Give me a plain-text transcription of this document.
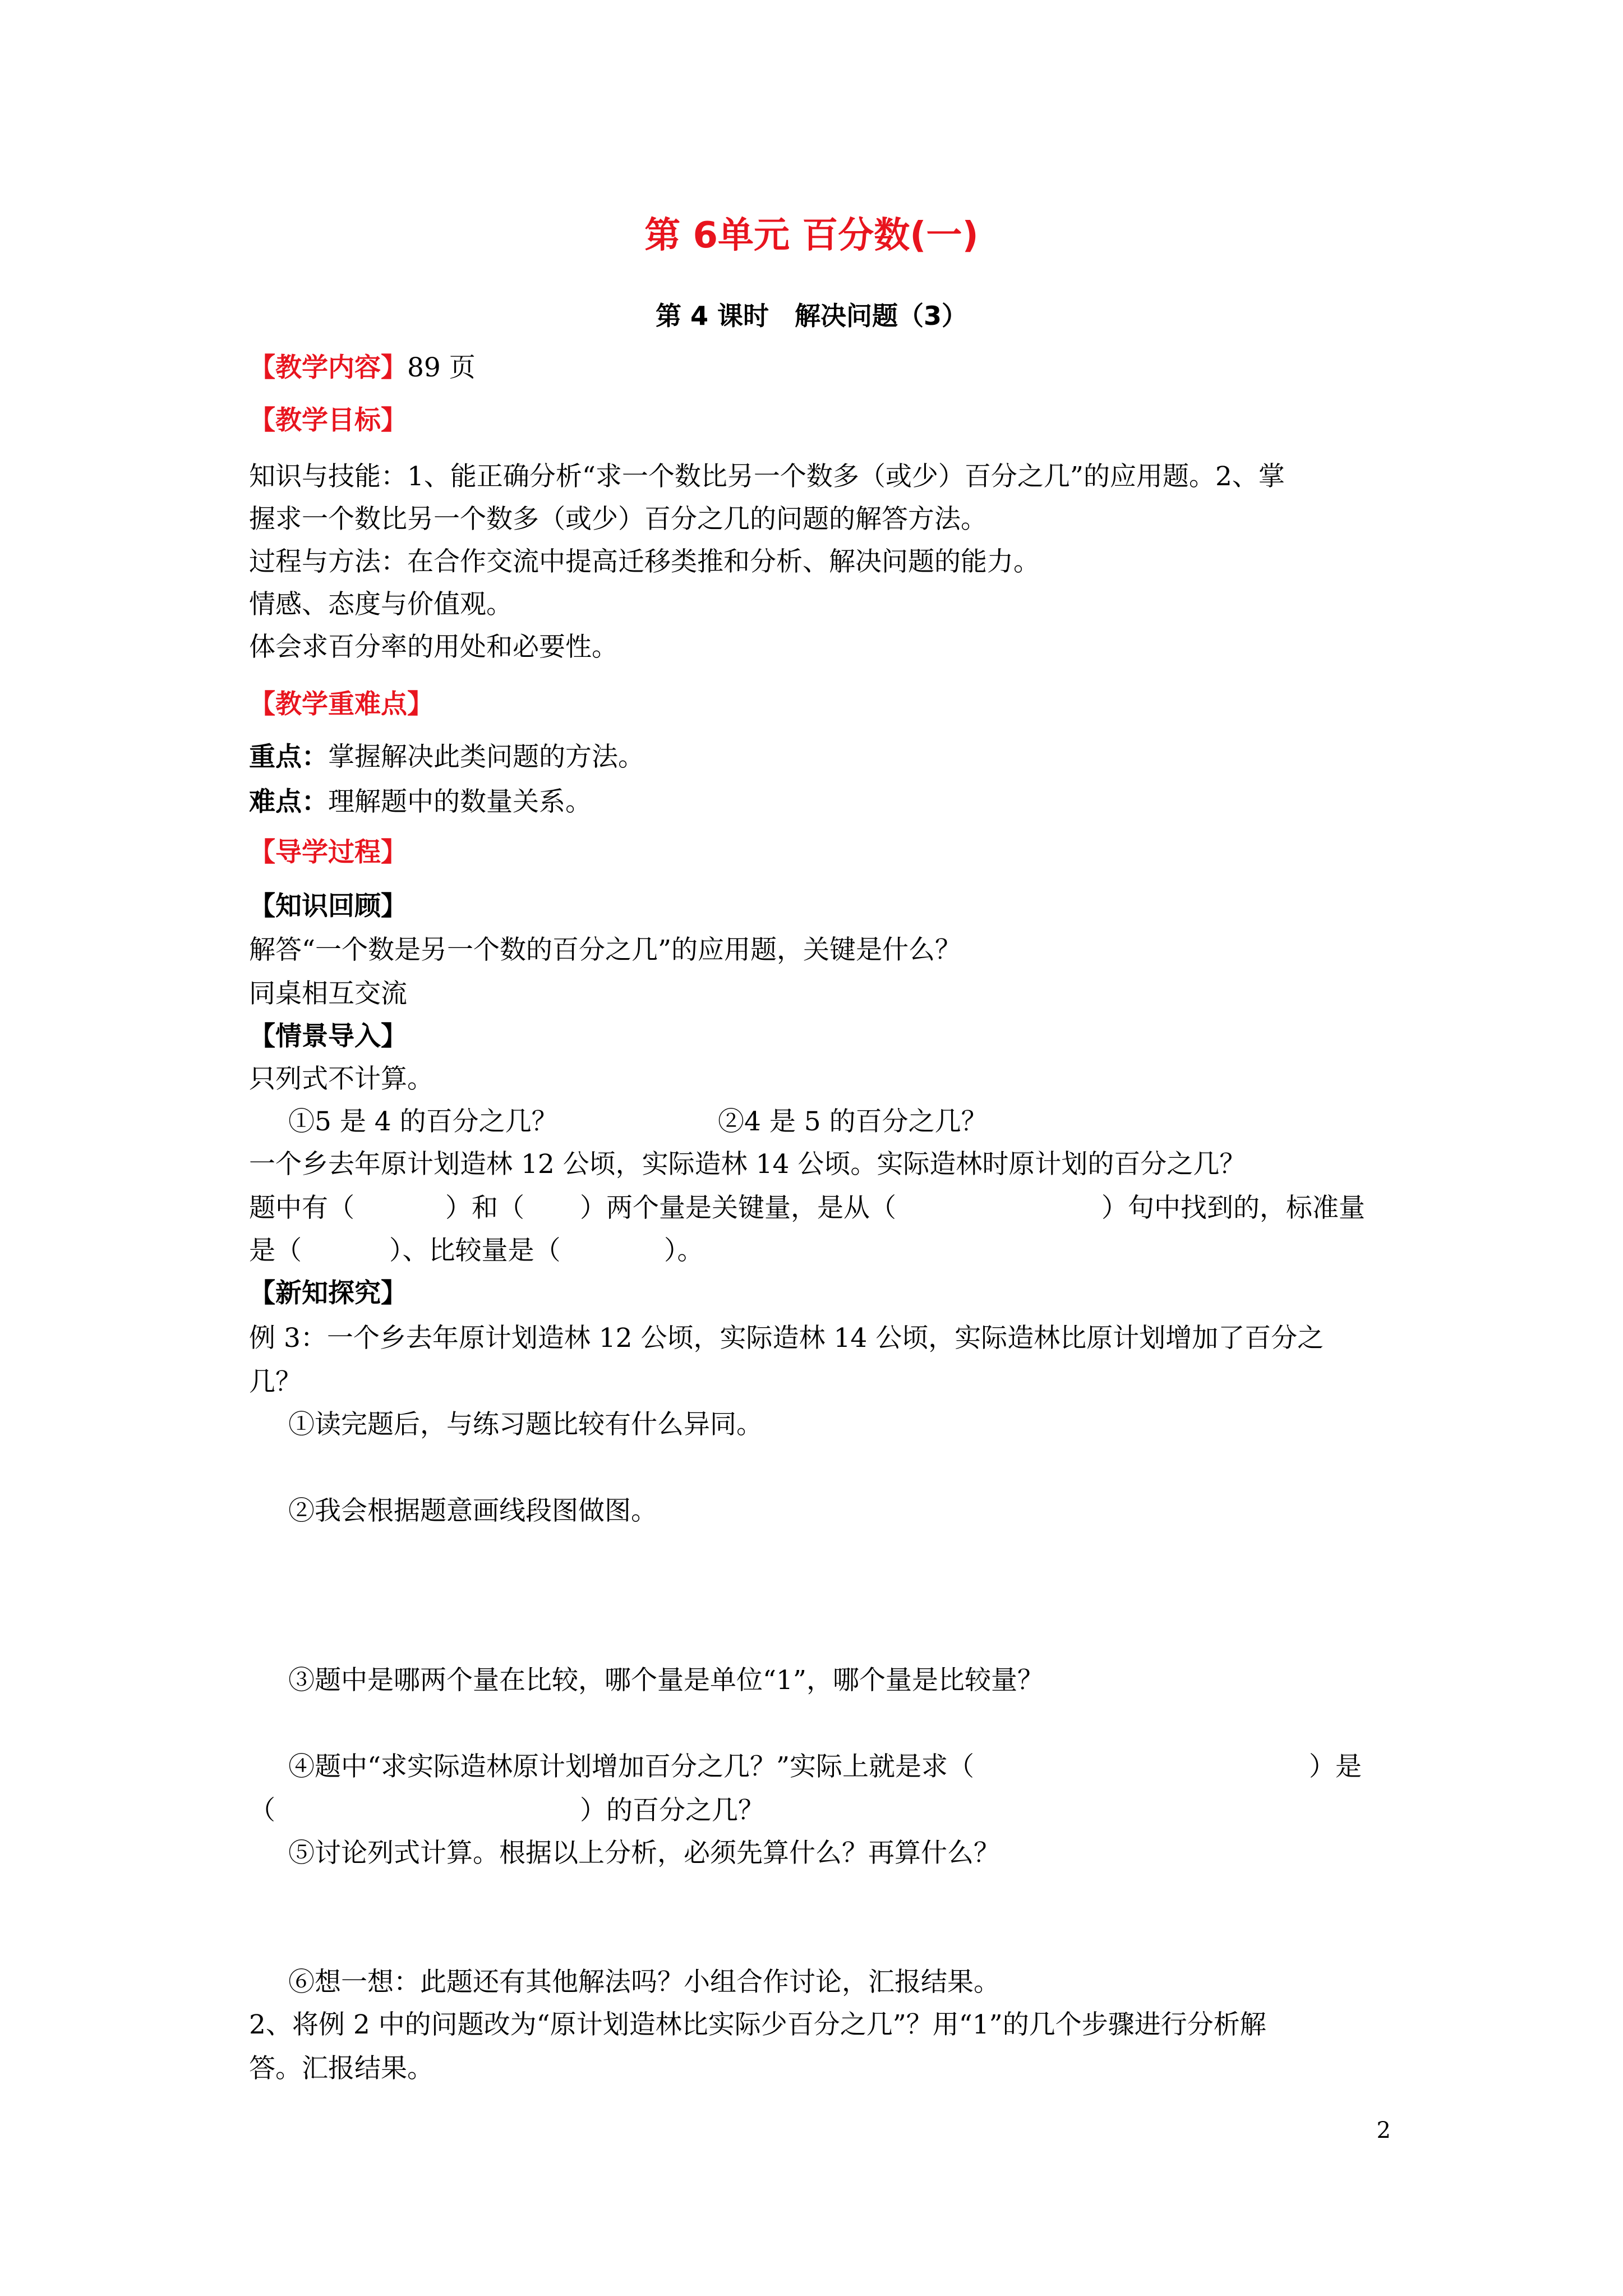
第 6单元 百分数(一)
第 4 课时　解决问题（3）
【教学内容】89 页
【教学目标】
知识与技能：1、能正确分析“求一个数比另一个数多（或少）百分之几”的应用题。2、掌
握求一个数比另一个数多（或少）百分之几的问题的解答方法。
过程与方法：在合作交流中提高迁移类推和分析、解决问题的能力。
情感、态度与价值观。
体会求百分率的用处和必要性。
【教学重难点】
重点：掌握解决此类问题的方法。
难点：理解题中的数量关系。
【导学过程】
【知识回顾】
解答“一个数是另一个数的百分之几”的应用题，关键是什么？
同桌相互交流
【情景导入】
只列式不计算。
➀5 是 4 的百分之几？	➁4 是 5 的百分之几？
一个乡去年原计划造林 12 公顷，实际造林 14 公顷。实际造林时原计划的百分之几？
题中有（	）和（ ）两个量是关键量，是从（	）句中找到的，标准量
是（	）、比较量是（	）。
【新知探究】
例 3：一个乡去年原计划造林 12 公顷，实际造林 14 公顷，实际造林比原计划增加了百分之
几？
➀读完题后，与练习题比较有什么异同。
➁我会根据题意画线段图做图。
➂题中是哪两个量在比较，哪个量是单位“1”，哪个量是比较量？
➃题中“求实际造林原计划增加百分之几？”实际上就是求（	）是
（	）的百分之几？
➄讨论列式计算。根据以上分析，必须先算什么？再算什么？
➅想一想：此题还有其他解法吗？小组合作讨论，汇报结果。
2、将例 2 中的问题改为“原计划造林比实际少百分之几”？用“1”的几个步骤进行分析解
答。汇报结果。
2
